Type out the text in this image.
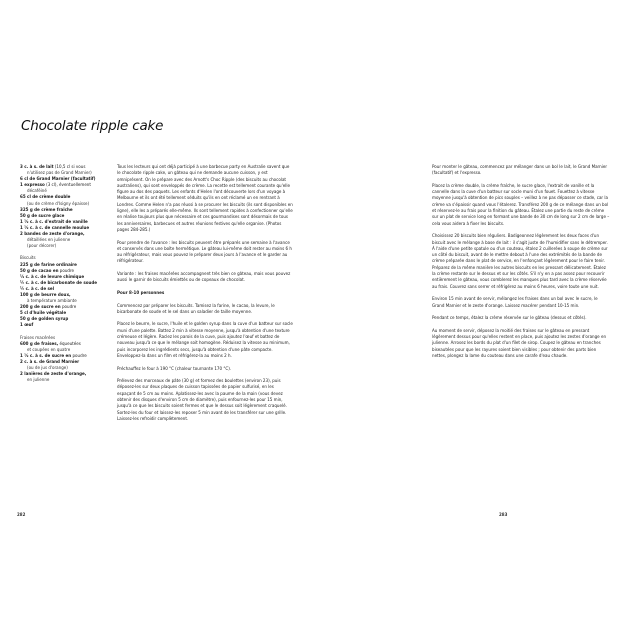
Chocolate ripple cake
3 c. à s. de lait (10,5 cl si vous
n'utilisez pas de Grand Marnier)
6 cl de Grand Marnier (facultatif)
1 expresso (3 cl), éventuellement
décaféiné
65 cl de crème double
(ou de crème d'Isigny épaisse)
325 g de crème fraîche
50 g de sucre glace
1 ½ c. à c. d'extrait de vanille
1 ½ c. à c. de cannelle moulue
2 bandes de zeste d'orange,
détaillées en julienne
(pour décorer)
Biscuits
225 g de farine ordinaire
50 g de cacao en poudre
½ c. à c. de levure chimique
¼ c. à c. de bicarbonate de soude
¼ c. à c. de sel
100 g de beurre doux,
à température ambiante
200 g de sucre en poudre
5 cl d'huile végétale
50 g de golden syrup
1 œuf
Fraises macérées
600 g de fraises, équeutées
et coupées en quatre
1 ½ c. à s. de sucre en poudre
2 c. à s. de Grand Marnier
(ou de jus d'orange)
2 lanières de zeste d'orange,
en julienne

Tous les lecteurs qui ont déjà participé à une barbecue party en Australie savent que le chocolate ripple cake, un gâteau qui ne demande aucune cuisson, y est omniprésent. On le prépare avec des Arnott's Choc Ripple (des biscuits au chocolat australiens), qui sont enveloppés de crème. La recette est tellement courante qu'elle figure au dos des paquets. Les enfants d'Helen l'ont découverte lors d'un voyage à Melbourne et ils ont été tellement séduits qu'ils en ont réclamé un en rentrant à Londres. Comme Helen n'a pas réussi à se procurer les biscuits (ils sont disponibles en ligne), elle les a préparés elle-même. Ils sont tellement rapides à confectionner qu'elle en réalise toujours plus que nécessaire et ces gourmandises sont désormais de tous les anniversaires, barbecues et autres réunions festives qu'elle organise. (Photos pages 284-285.)

Pour prendre de l'avance : les biscuits peuvent être préparés une semaine à l'avance et conservés dans une boîte hermétique. Le gâteau lui-même doit rester au moins 6 h au réfrigérateur, mais vous pouvez le préparer deux jours à l'avance et le garder au réfrigérateur.

Variante : les fraises macérées accompagnent très bien ce gâteau, mais vous pouvez aussi le garnir de biscuits émiettés ou de copeaux de chocolat.

Pour 8-10 personnes

Commencez par préparer les biscuits. Tamisez la farine, le cacao, la levure, le bicarbonate de soude et le sel dans un saladier de taille moyenne.

Placez le beurre, le sucre, l'huile et le golden syrup dans la cuve d'un batteur sur socle muni d'une palette. Battez 2 min à vitesse moyenne, jusqu'à obtention d'une texture crémeuse et légère. Raclez les parois de la cuve, puis ajoutez l'œuf et battez de nouveau jusqu'à ce que le mélange soit homogène. Réduisez la vitesse au minimum, puis incorporez les ingrédients secs, jusqu'à obtention d'une pâte compacte. Enveloppez-la dans un film et réfrigérez-la au moins 2 h.

Préchauffez le four à 190 °C (chaleur tournante 170 °C).

Prélevez des morceaux de pâte (30 g) et formez des boulettes (environ 23), puis déposez-les sur deux plaques de cuisson tapissées de papier sulfurisé, en les espaçant de 5 cm au moins. Aplatissez-les avec la paume de la main (vous devez obtenir des disques d'environ 5 cm de diamètre), puis enfournez-les pour 15 min, jusqu'à ce que les biscuits soient fermes et que le dessus soit légèrement craquelé. Sortez-les du four et laissez-les reposer 5 min avant de les transférer sur une grille. Laissez-les refroidir complètement.

282

Pour monter le gâteau, commencez par mélanger dans un bol le lait, le Grand Marnier (facultatif) et l'expresso.

Placez la crème double, la crème fraîche, le sucre glace, l'extrait de vanille et la cannelle dans la cuve d'un batteur sur socle muni d'un fouet. Fouettez à vitesse moyenne jusqu'à obtention de pics souples – veillez à ne pas dépasser ce stade, car la crème va s'épaissir quand vous l'étalerez. Transférez 200 g de ce mélange dans un bol et réservez-le au frais pour la finition du gâteau. Étalez une partie du reste de crème sur un plat de service long en formant une bande de 30 cm de long sur 2 cm de large – cela vous aidera à fixer les biscuits.

Choisissez 20 biscuits bien réguliers. Badigeonnez légèrement les deux faces d'un biscuit avec le mélange à base de lait : il s'agit juste de l'humidifier sans le détremper. À l'aide d'une petite spatule ou d'un couteau, étalez 2 cuillerées à soupe de crème sur un côté du biscuit, avant de le mettre debout à l'une des extrémités de la bande de crème préparée dans le plat de service, en l'enfonçant légèrement pour le faire tenir. Préparez de la même manière les autres biscuits en les pressant délicatement. Étalez la crème restante sur le dessus et sur les côtés. S'il n'y en a pas assez pour recouvrir entièrement le gâteau, vous comblerez les manques plus tard avec la crème réservée au frais. Couvrez sans serrer et réfrigérez au moins 6 heures, voire toute une nuit.

Environ 15 min avant de servir, mélangez les fraises dans un bol avec le sucre, le Grand Marnier et le zeste d'orange. Laissez macérer pendant 10-15 min.

Pendant ce temps, étalez la crème réservée sur le gâteau (dessus et côtés).

Au moment de servir, déposez la moitié des fraises sur le gâteau en pressant légèrement dessus pour qu'elles restent en place, puis ajoutez les zestes d'orange en julienne. Arrosez les bords du plat d'un filet de sirop. Coupez le gâteau en tranches biseautées pour que les rayures soient bien visibles ; pour obtenir des parts bien nettes, plongez la lame du couteau dans une carafe d'eau chaude.

283
